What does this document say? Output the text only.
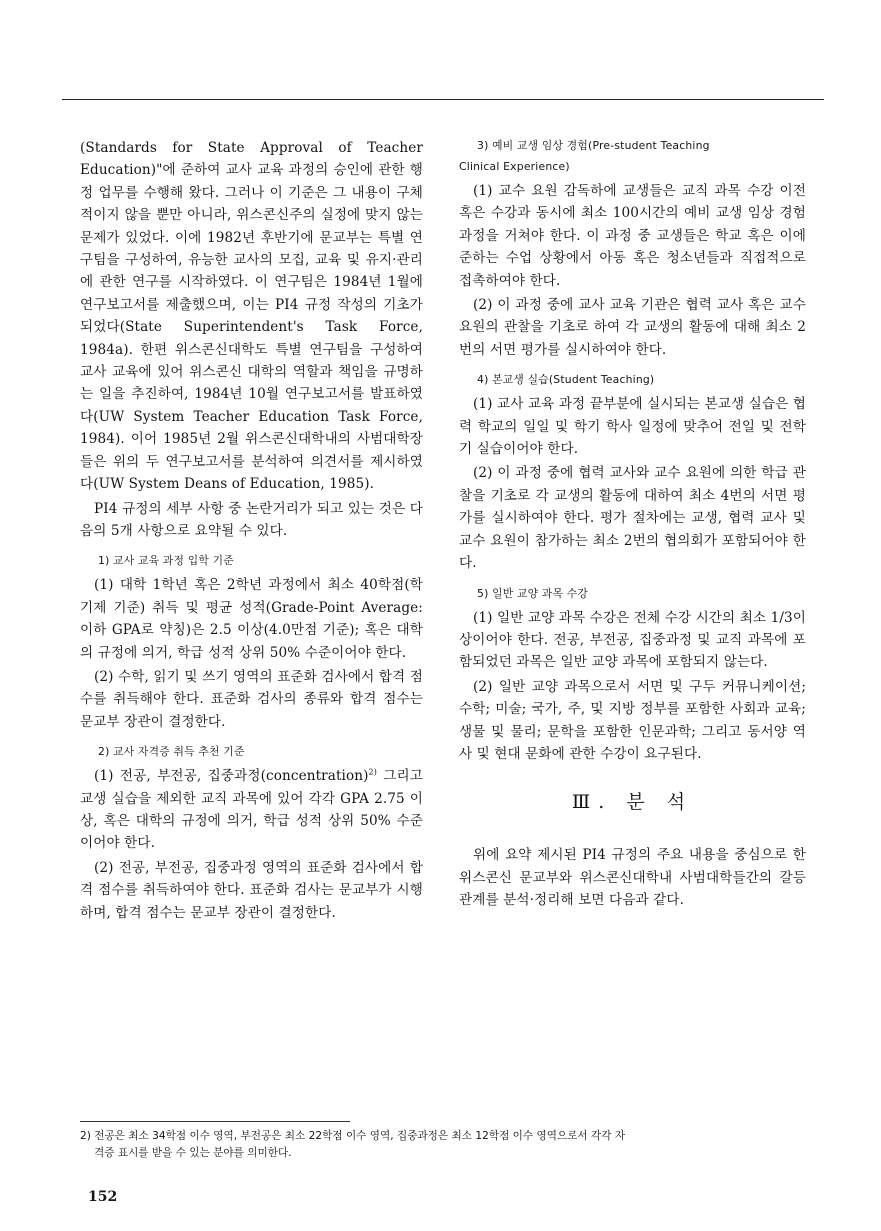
(Standards for State Approval of Teacher Education)"에 준하여 교사 교육 과정의 승인에 관한 행정 업무를 수행해 왔다. 그러나 이 기준은 그 내용이 구체적이지 않을 뿐만 아니라, 위스콘신주의 실정에 맞지 않는 문제가 있었다. 이에 1982년 후반기에 문교부는 특별 연구팀을 구성하여, 유능한 교사의 모집, 교육 및 유지·관리에 관한 연구를 시작하였다. 이 연구팀은 1984년 1월에 연구보고서를 제출했으며, 이는 PI4 규정 작성의 기초가 되었다(State Superintendent's Task Force, 1984a). 한편 위스콘신대학도 특별 연구팀을 구성하여 교사 교육에 있어 위스콘신 대학의 역할과 책임을 규명하는 일을 추진하여, 1984년 10월 연구보고서를 발표하였다(UW System Teacher Education Task Force, 1984). 이어 1985년 2월 위스콘신대학내의 사범대학장들은 위의 두 연구보고서를 분석하여 의견서를 제시하였다(UW System Deans of Education, 1985).

PI4 규정의 세부 사항 중 논란거리가 되고 있는 것은 다음의 5개 사항으로 요약될 수 있다.

1) 교사 교육 과정 입학 기준

(1) 대학 1학년 혹은 2학년 과정에서 최소 40학점(학기제 기준) 취득 및 평균 성적(Grade-Point Average: 이하 GPA로 약칭)은 2.5 이상(4.0만점 기준); 혹은 대학의 규정에 의거, 학급 성적 상위 50% 수준이어야 한다.

(2) 수학, 읽기 및 쓰기 영역의 표준화 검사에서 합격 점수를 취득해야 한다. 표준화 검사의 종류와 합격 점수는 문교부 장관이 결정한다.

2) 교사 자격증 취득 추천 기준

(1) 전공, 부전공, 집중과정(concentration)$^{2)}$ 그리고 교생 실습을 제외한 교직 과목에 있어 각각 GPA 2.75 이상, 혹은 대학의 규정에 의거, 학급 성적 상위 50% 수준이어야 한다.

(2) 전공, 부전공, 집중과정 영역의 표준화 검사에서 합격 점수를 취득하여야 한다. 표준화 검사는 문교부가 시행하며, 합격 점수는 문교부 장관이 결정한다.

3) 예비 교생 임상 경험(Pre-student Teaching
Clinical Experience)

(1) 교수 요원 감독하에 교생들은 교직 과목 수강 이전 혹은 수강과 동시에 최소 100시간의 예비 교생 임상 경험 과정을 거쳐야 한다. 이 과정 중 교생들은 학교 혹은 이에 준하는 수업 상황에서 아동 혹은 청소년들과 직접적으로 접촉하여야 한다.

(2) 이 과정 중에 교사 교육 기관은 협력 교사 혹은 교수 요원의 관찰을 기초로 하여 각 교생의 활동에 대해 최소 2번의 서면 평가를 실시하여야 한다.

4) 본교생 실습(Student Teaching)

(1) 교사 교육 과정 끝부분에 실시되는 본교생 실습은 협력 학교의 일일 및 학기 학사 일정에 맞추어 전일 및 전학기 실습이어야 한다.

(2) 이 과정 중에 협력 교사와 교수 요원에 의한 학급 관찰을 기초로 각 교생의 활동에 대하여 최소 4번의 서면 평가를 실시하여야 한다. 평가 절차에는 교생, 협력 교사 및 교수 요원이 참가하는 최소 2번의 협의회가 포함되어야 한다.

5) 일반 교양 과목 수강

(1) 일반 교양 과목 수강은 전체 수강 시간의 최소 1/3이상이어야 한다. 전공, 부전공, 집중과정 및 교직 과목에 포함되었던 과목은 일반 교양 과목에 포함되지 않는다.

(2) 일반 교양 과목으로서 서면 및 구두 커뮤니케이션; 수학; 미술; 국가, 주, 및 지방 정부를 포함한 사회과 교육; 생물 및 물리; 문학을 포함한 인문과학; 그리고 동서양 역사 및 현대 문화에 관한 수강이 요구된다.

Ⅲ. 분 석

위에 요약 제시된 PI4 규정의 주요 내용을 중심으로 한 위스콘신 문교부와 위스콘신대학내 사범대학들간의 갈등 관계를 분석·정리해 보면 다음과 같다.

2) 전공은 최소 34학점 이수 영역, 부전공은 최소 22학점 이수 영역, 집중과정은 최소 12학점 이수 영역으로서 각각 자
격증 표시를 받을 수 있는 분야를 의미한다.
152
